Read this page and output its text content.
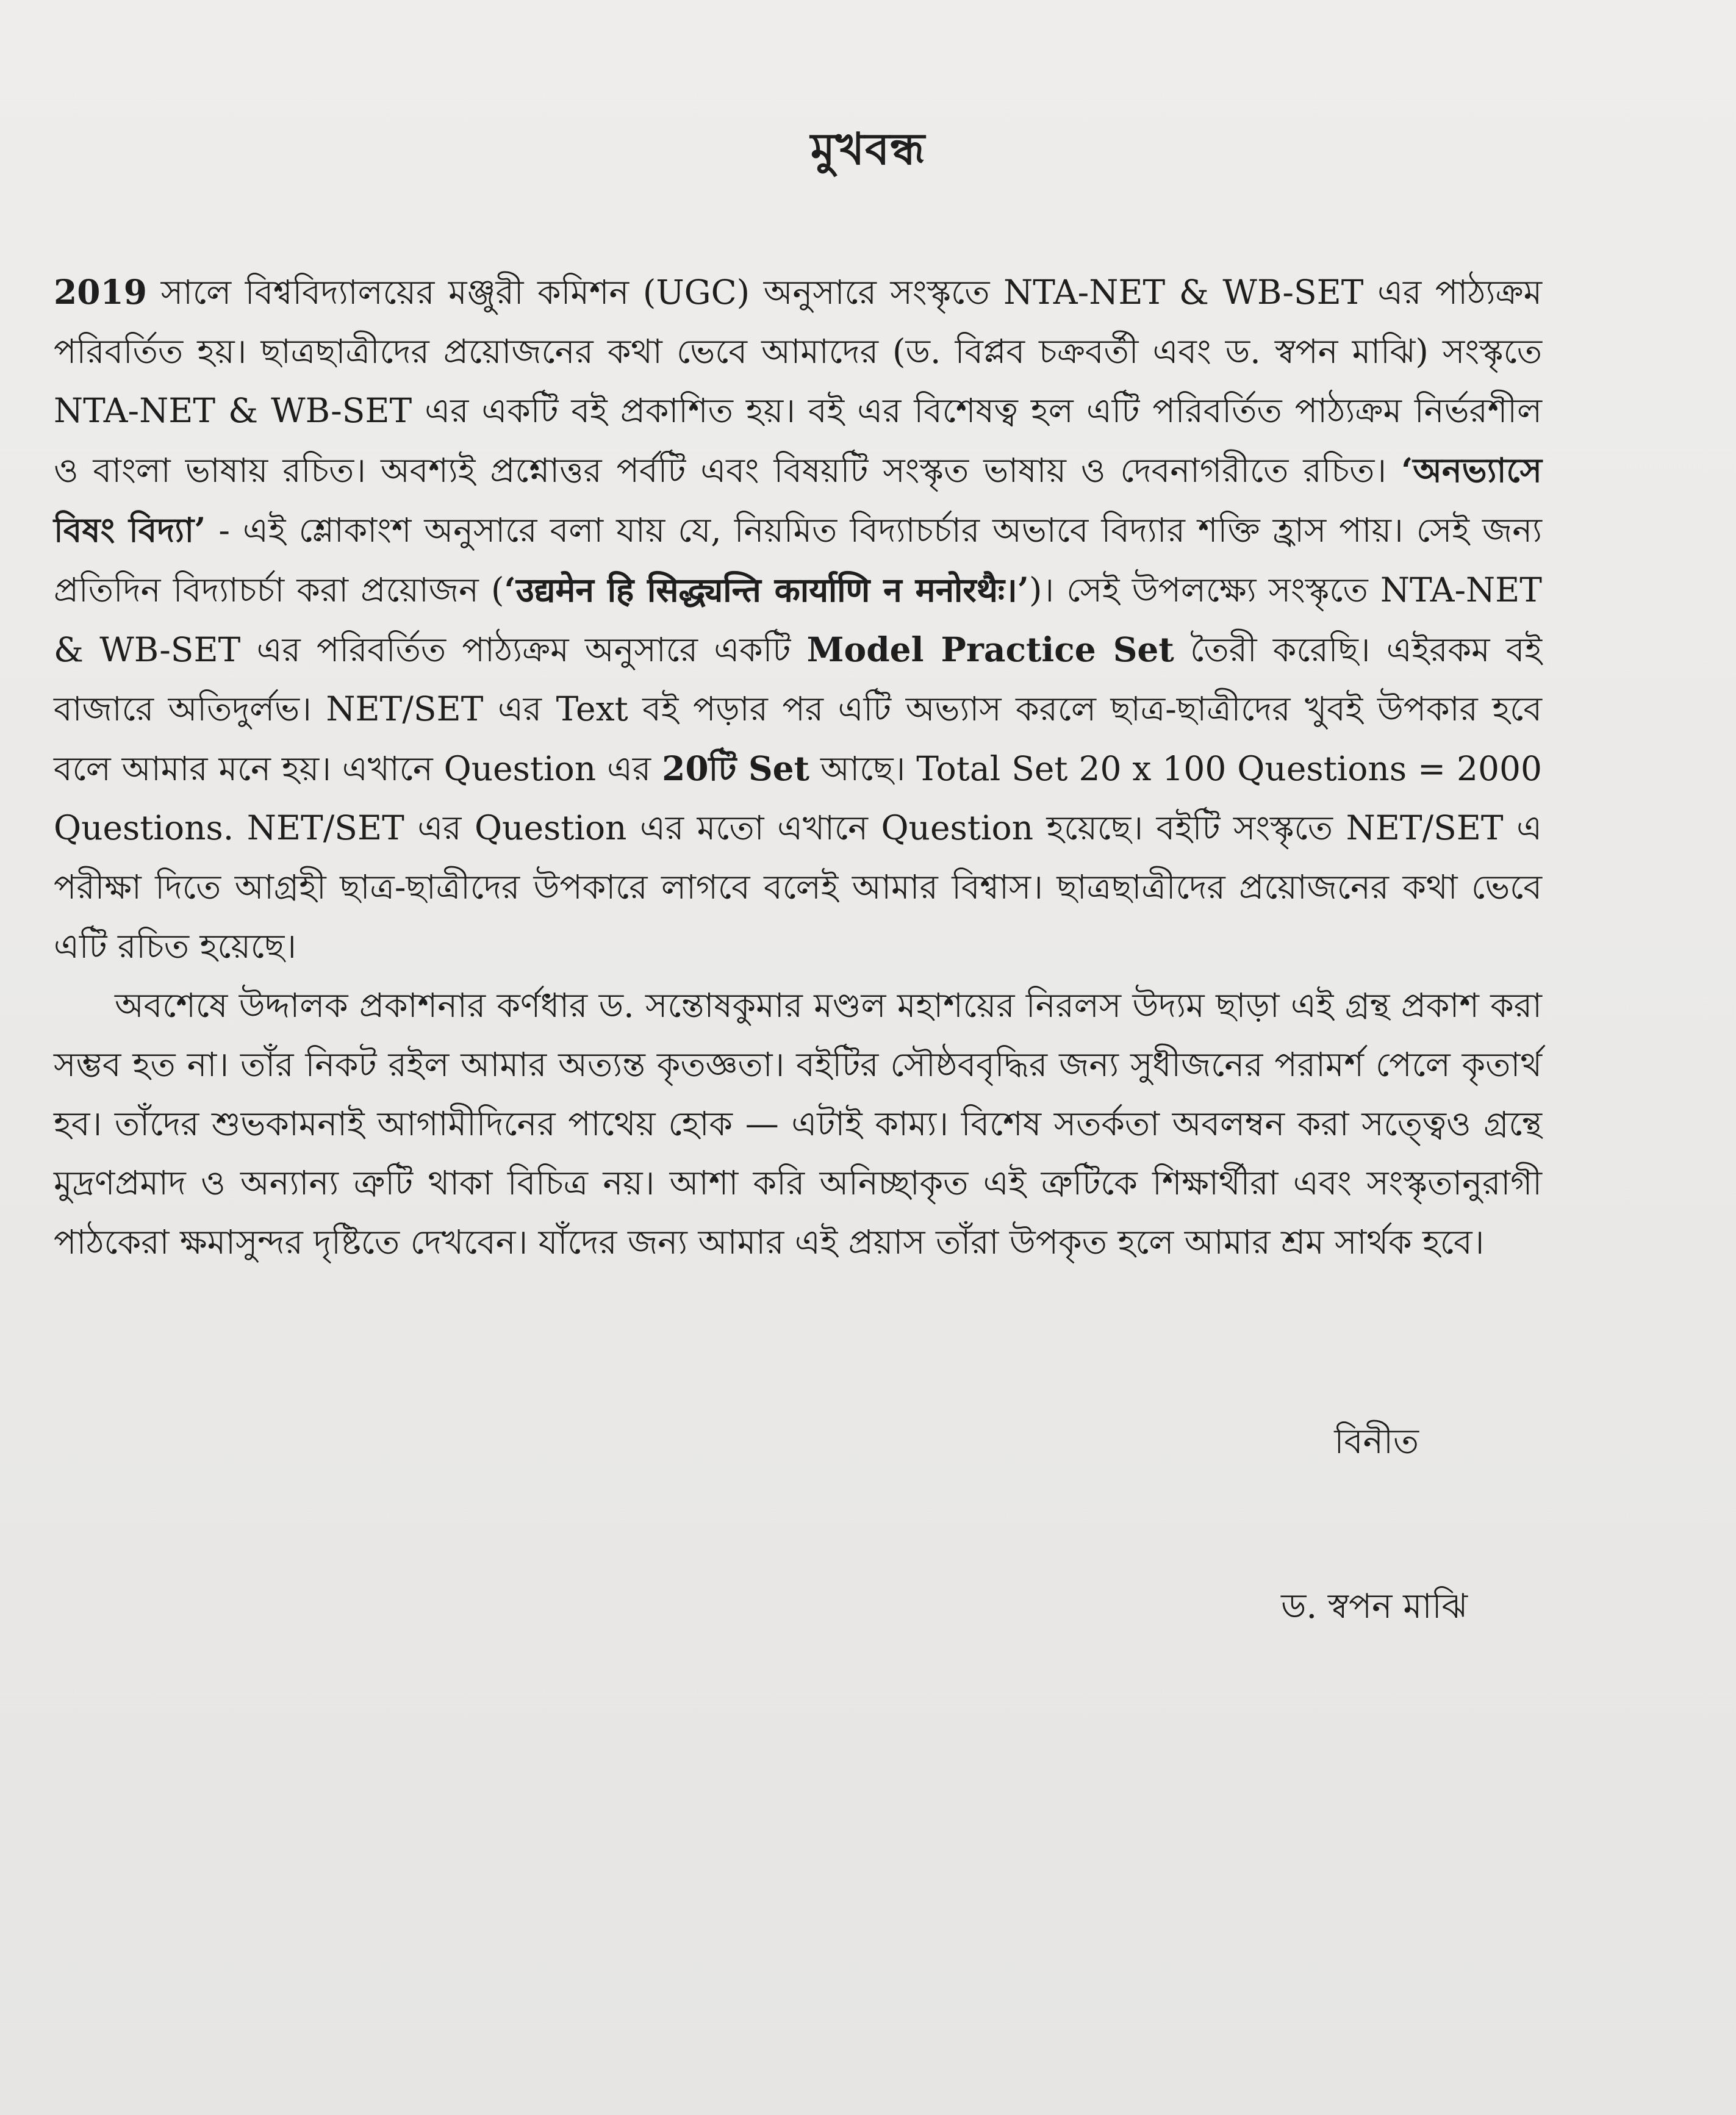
মুখবন্ধ

2019 সালে বিশ্ববিদ্যালয়ের মঞ্জুরী কমিশন (UGC) অনুসারে সংস্কৃতে NTA-NET & WB-SET এর পাঠ্যক্রম পরিবর্তিত হয়। ছাত্রছাত্রীদের প্রয়োজনের কথা ভেবে আমাদের (ড. বিপ্লব চক্রবর্তী এবং ড. স্বপন মাঝি) সংস্কৃতে NTA-NET & WB-SET এর একটি বই প্রকাশিত হয়। বই এর বিশেষত্ব হল এটি পরিবর্তিত পাঠ্যক্রম নির্ভরশীল ও বাংলা ভাষায় রচিত। অবশ্যই প্রশ্নোত্তর পর্বটি এবং বিষয়টি সংস্কৃত ভাষায় ও দেবনাগরীতে রচিত। ‘অনভ্যাসে বিষং বিদ্যা’ - এই শ্লোকাংশ অনুসারে বলা যায় যে, নিয়মিত বিদ্যাচর্চার অভাবে বিদ্যার শক্তি হ্রাস পায়। সেই জন্য প্রতিদিন বিদ্যাচর্চা করা প্রয়োজন (‘उद्यमेन हि सिद्ध्यन्ति कार्याणि न मनोरथैः।’)। সেই উপলক্ষ্যে সংস্কৃতে NTA-NET & WB-SET এর পরিবর্তিত পাঠ্যক্রম অনুসারে একটি Model Practice Set তৈরী করেছি। এইরকম বই বাজারে অতিদুর্লভ। NET/SET এর Text বই পড়ার পর এটি অভ্যাস করলে ছাত্র-ছাত্রীদের খুবই উপকার হবে বলে আমার মনে হয়। এখানে Question এর 20টি Set আছে। Total Set 20 x 100 Questions = 2000 Questions. NET/SET এর Question এর মতো এখানে Question হয়েছে। বইটি সংস্কৃতে NET/SET এ পরীক্ষা দিতে আগ্রহী ছাত্র-ছাত্রীদের উপকারে লাগবে বলেই আমার বিশ্বাস। ছাত্রছাত্রীদের প্রয়োজনের কথা ভেবে এটি রচিত হয়েছে।

অবশেষে উদ্দালক প্রকাশনার কর্ণধার ড. সন্তোষকুমার মণ্ডল মহাশয়ের নিরলস উদ্যম ছাড়া এই গ্রন্থ প্রকাশ করা সম্ভব হত না। তাঁর নিকট রইল আমার অত্যন্ত কৃতজ্ঞতা। বইটির সৌষ্ঠববৃদ্ধির জন্য সুধীজনের পরামর্শ পেলে কৃতার্থ হব। তাঁদের শুভকামনাই আগামীদিনের পাথেয় হোক — এটাই কাম্য। বিশেষ সতর্কতা অবলম্বন করা সত্ত্বেও গ্রন্থে মুদ্রণপ্রমাদ ও অন্যান্য ত্রুটি থাকা বিচিত্র নয়। আশা করি অনিচ্ছাকৃত এই ত্রুটিকে শিক্ষার্থীরা এবং সংস্কৃতানুরাগী পাঠকেরা ক্ষমাসুন্দর দৃষ্টিতে দেখবেন। যাঁদের জন্য আমার এই প্রয়াস তাঁরা উপকৃত হলে আমার শ্রম সার্থক হবে।

বিনীত
ড. স্বপন মাঝি
